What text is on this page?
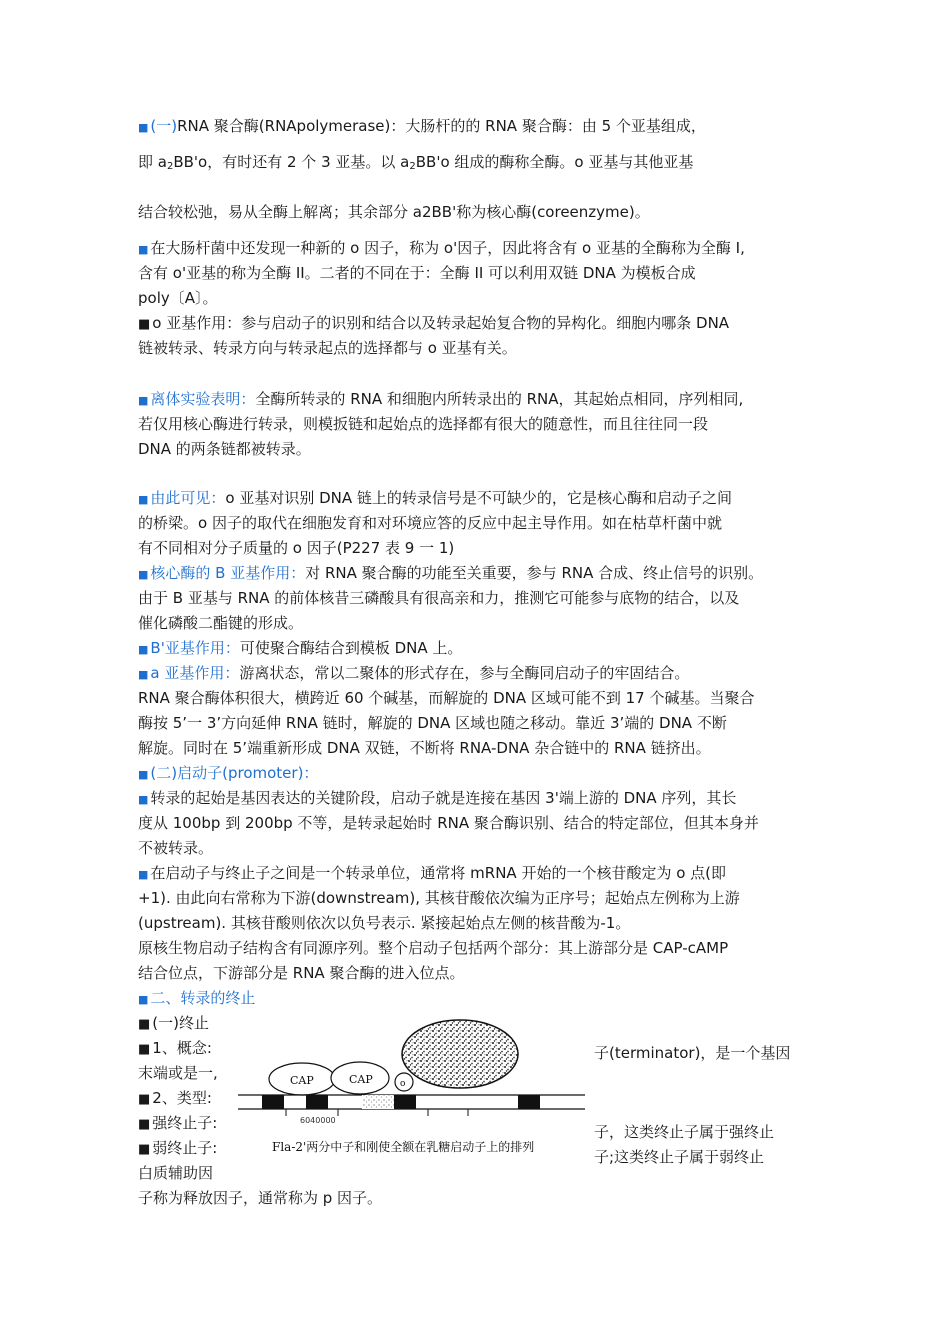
■ (一)RNA 聚合酶(RNApolymerase)：大肠杆的的 RNA 聚合酶：由 5 个亚基组成，
即 $a_2BB'o$，有时还有 2 个 3 亚基。以 $a_2BB'o$ 组成的酶称全酶。o 亚基与其他亚基
结合较松弛，易从全酶上解离；其余部分 a2BB'称为核心酶(coreenzyme)。
■ 在大肠杆菌中还发现一种新的 o 因子，称为 o'因子，因此将含有 o 亚基的全酶称为全酶 I,
含有 o'亚基的称为全酶 II。二者的不同在于：全酶 II 可以利用双链 DNA 为模板合成
poly〔A〕。
■ o 亚基作用：参与启动子的识别和结合以及转录起始复合物的异构化。细胞内哪条 DNA
链被转录、转录方向与转录起点的选择都与 o 亚基有关。
■ 离体实验表明：全酶所转录的 RNA 和细胞内所转录出的 RNA，其起始点相同，序列相同,
若仅用核心酶进行转录，则模扳链和起始点的选择都有很大的随意性，而且往往同一段
DNA 的两条链都被转录。
■ 由此可见：o 亚基对识别 DNA 链上的转录信号是不可缺少的，它是核心酶和启动子之间
的桥梁。o 因子的取代在细胞发育和对环境应答的反应中起主导作用。如在枯草杆菌中就
有不同相对分子质量的 o 因子(P227 表 9 一 1)
■ 核心酶的 B 亚基作用：对 RNA 聚合酶的功能至关重要，参与 RNA 合成、终止信号的识别。
由于 B 亚基与 RNA 的前体核昔三磷酸具有很高亲和力，推测它可能参与底物的结合，以及
催化磷酸二酯键的形成。
■ B'亚基作用：可使聚合酶结合到模板 DNA 上。
■ a 亚基作用：游离状态，常以二聚体的形式存在，参与全酶同启动子的牢固结合。
RNA 聚合酶体积很大，横跨近 60 个碱基，而解旋的 DNA 区域可能不到 17 个碱基。当聚合
酶按 5’一 3’方向延伸 RNA 链时，解旋的 DNA 区域也随之移动。靠近 3’端的 DNA 不断
解旋。同时在 5’端重新形成 DNA 双链，不断将 RNA-DNA 杂合链中的 RNA 链挤出。
■ (二)启动子(promoter)：
■ 转录的起始是基因表达的关键阶段，启动子就是连接在基因 3'端上游的 DNA 序列，其长
度从 100bp 到 200bp 不等，是转录起始时 RNA 聚合酶识别、结合的特定部位，但其本身并
不被转录。
■ 在启动子与终止子之间是一个转录单位，通常将 mRNA 开始的一个核苷酸定为 o 点(即
+1). 由此向右常称为下游(downstream), 其核苷酸依次编为正序号；起始点左例称为上游
(upstream). 其核苷酸则依次以负号表示. 紧接起始点左侧的核昔酸为-1。
原核生物启动子结构含有同源序列。整个启动子包括两个部分：其上游部分是 CAP-cAMP
结合位点，下游部分是 RNA 聚合酶的进入位点。
■ 二、转录的终止
■ (一)终止
■ 1、概念:
末端或是一,
■ 2、类型:
■ 强终止子:
■ 弱终止子:
白质辅助因
子称为释放因子，通常称为 p 因子。
子(terminator)，是一个基因
子，这类终止子属于强终止
子;这类终止子属于弱终止
CAP	CAP	o
6040000
Fla-2'两分中子和刚使全额在乳糖启动子上的排列
